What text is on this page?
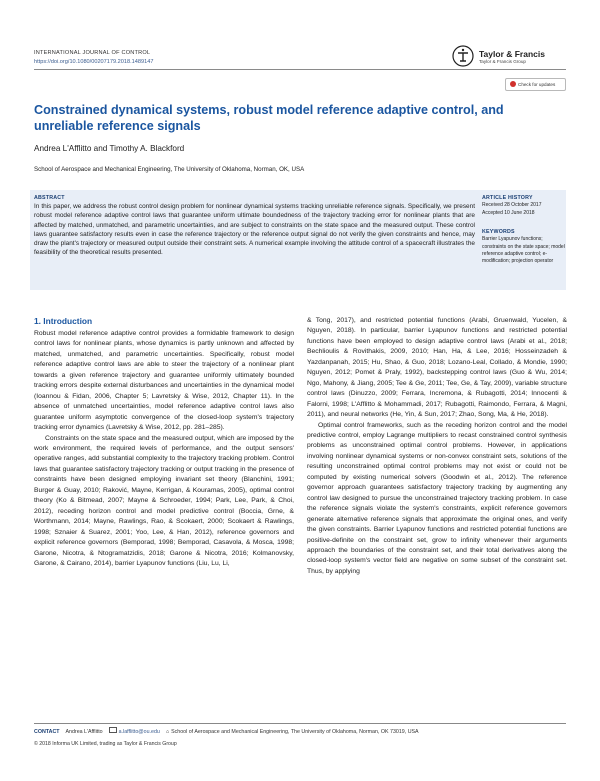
INTERNATIONAL JOURNAL OF CONTROL
https://doi.org/10.1080/00207179.2018.1489147
Taylor & Francis
Taylor & Francis Group
Check for updates
Constrained dynamical systems, robust model reference adaptive control, and unreliable reference signals
Andrea L'Afflitto and Timothy A. Blackford
School of Aerospace and Mechanical Engineering, The University of Oklahoma, Norman, OK, USA
ABSTRACT

In this paper, we address the robust control design problem for nonlinear dynamical systems tracking unreliable reference signals. Specifically, we present robust model reference adaptive control laws that guarantee uniform ultimate boundedness of the trajectory tracking error for nonlinear plants that are affected by matched, unmatched, and parametric uncertainties, and are subject to constraints on the state space and the measured output. These control laws guarantee satisfactory results even in case the reference trajectory or the reference output signal do not verify the given constraints and hence, may draw the plant's trajectory or measured output outside their constraint sets. A numerical example involving the attitude control of a spacecraft illustrates the feasibility of the theoretical results presented.

ARTICLE HISTORY
Received 28 October 2017
Accepted 10 June 2018
KEYWORDS
Barrier Lyapunov functions; constraints on the state space; model reference adaptive control; e-modification; projection operator
1. Introduction

Robust model reference adaptive control provides a formidable framework to design control laws for nonlinear plants, whose dynamics is partly unknown and affected by matched, unmatched, and parametric uncertainties. Specifically, robust model reference adaptive control laws are able to steer the trajectory of a nonlinear plant towards a given reference trajectory and guarantee uniformly ultimately bounded tracking errors despite external disturbances and uncertainties in the dynamical model (Ioannou & Fidan, 2006, Chapter 5; Lavretsky & Wise, 2012, Chapter 11). In the absence of unmatched uncertainties, model reference adaptive control laws also guarantee uniform asymptotic convergence of the closed-loop system's trajectory tracking error dynamics (Lavretsky & Wise, 2012, pp. 281–285).

Constraints on the state space and the measured output, which are imposed by the work environment, the required levels of performance, and the output sensors' operative ranges, add substantial complexity to the trajectory tracking problem. Control laws that guarantee satisfactory trajectory tracking or output tracking in the presence of constraints have been designed employing invariant set theory (Blanchini, 1991; Burger & Guay, 2010; Raković, Mayne, Kerrigan, & Kouramas, 2005), optimal control theory (Ko & Bitmead, 2007; Mayne & Schroeder, 1994; Park, Lee, Park, & Choi, 2012), receding horizon control and model predictive control (Boccia, Grne, & Worthmann, 2014; Mayne, Rawlings, Rao, & Scokaert, 2000; Scokaert & Rawlings, 1998; Sznaier & Suarez, 2001; Yoo, Lee, & Han, 2012), reference governors and explicit reference governors (Bemporad, 1998; Bemporad, Casavola, & Mosca, 1998; Garone, Nicotra, & Ntogramatzidis, 2018; Garone & Nicotra, 2016; Kolmanovsky, Garone, & Cairano, 2014), barrier Lyapunov functions (Liu, Lu, Li,

& Tong, 2017), and restricted potential functions (Arabi, Gruenwald, Yucelen, & Nguyen, 2018). In particular, barrier Lyapunov functions and restricted potential functions have been employed to design adaptive control laws (Arabi et al., 2018; Bechlioulis & Rovithakis, 2009, 2010; Han, Ha, & Lee, 2016; Hosseinzadeh & Yazdanpanah, 2015; Hu, Shao, & Guo, 2018; Lozano-Leal, Collado, & Mondie, 1990; Nguyen, 2012; Pomet & Praly, 1992), backstepping control laws (Guo & Wu, 2014; Ngo, Mahony, & Jiang, 2005; Tee & Ge, 2011; Tee, Ge, & Tay, 2009), variable structure control laws (Dinuzzo, 2009; Ferrara, Incremona, & Rubagotti, 2014; Innocenti & Falorni, 1998; L'Afflitto & Mohammadi, 2017; Rubagotti, Raimondo, Ferrara, & Magni, 2011), and neural networks (He, Yin, & Sun, 2017; Zhao, Song, Ma, & He, 2018).

Optimal control frameworks, such as the receding horizon control and the model predictive control, employ Lagrange multipliers to recast constrained control synthesis problems as unconstrained optimal control problems. However, in applications involving nonlinear dynamical systems or non-convex constraint sets, solutions of the resulting unconstrained optimal control problems may not exist or could not be computed by existing numerical solvers (Goodwin et al., 2012). The reference governor approach guarantees satisfactory trajectory tracking by augmenting any control law designed to pursue the unconstrained trajectory tracking problem. In case the reference signals violate the system's constraints, explicit reference governors generate alternative reference signals that approximate the original ones, and verify the given constraints. Barrier Lyapunov functions and restricted potential functions are positive-definite on the constraint set, grow to infinity whenever their arguments approach the boundaries of the constraint set, and their total derivatives along the closed-loop system's vector field are negative on some subset of the constraint set. Thus, by applying

CONTACT Andrea L'Afflitto	a.lafflitto@ou.edu ⌂ School of Aerospace and Mechanical Engineering, The University of Oklahoma, Norman, OK 73019, USA
© 2018 Informa UK Limited, trading as Taylor & Francis Group
